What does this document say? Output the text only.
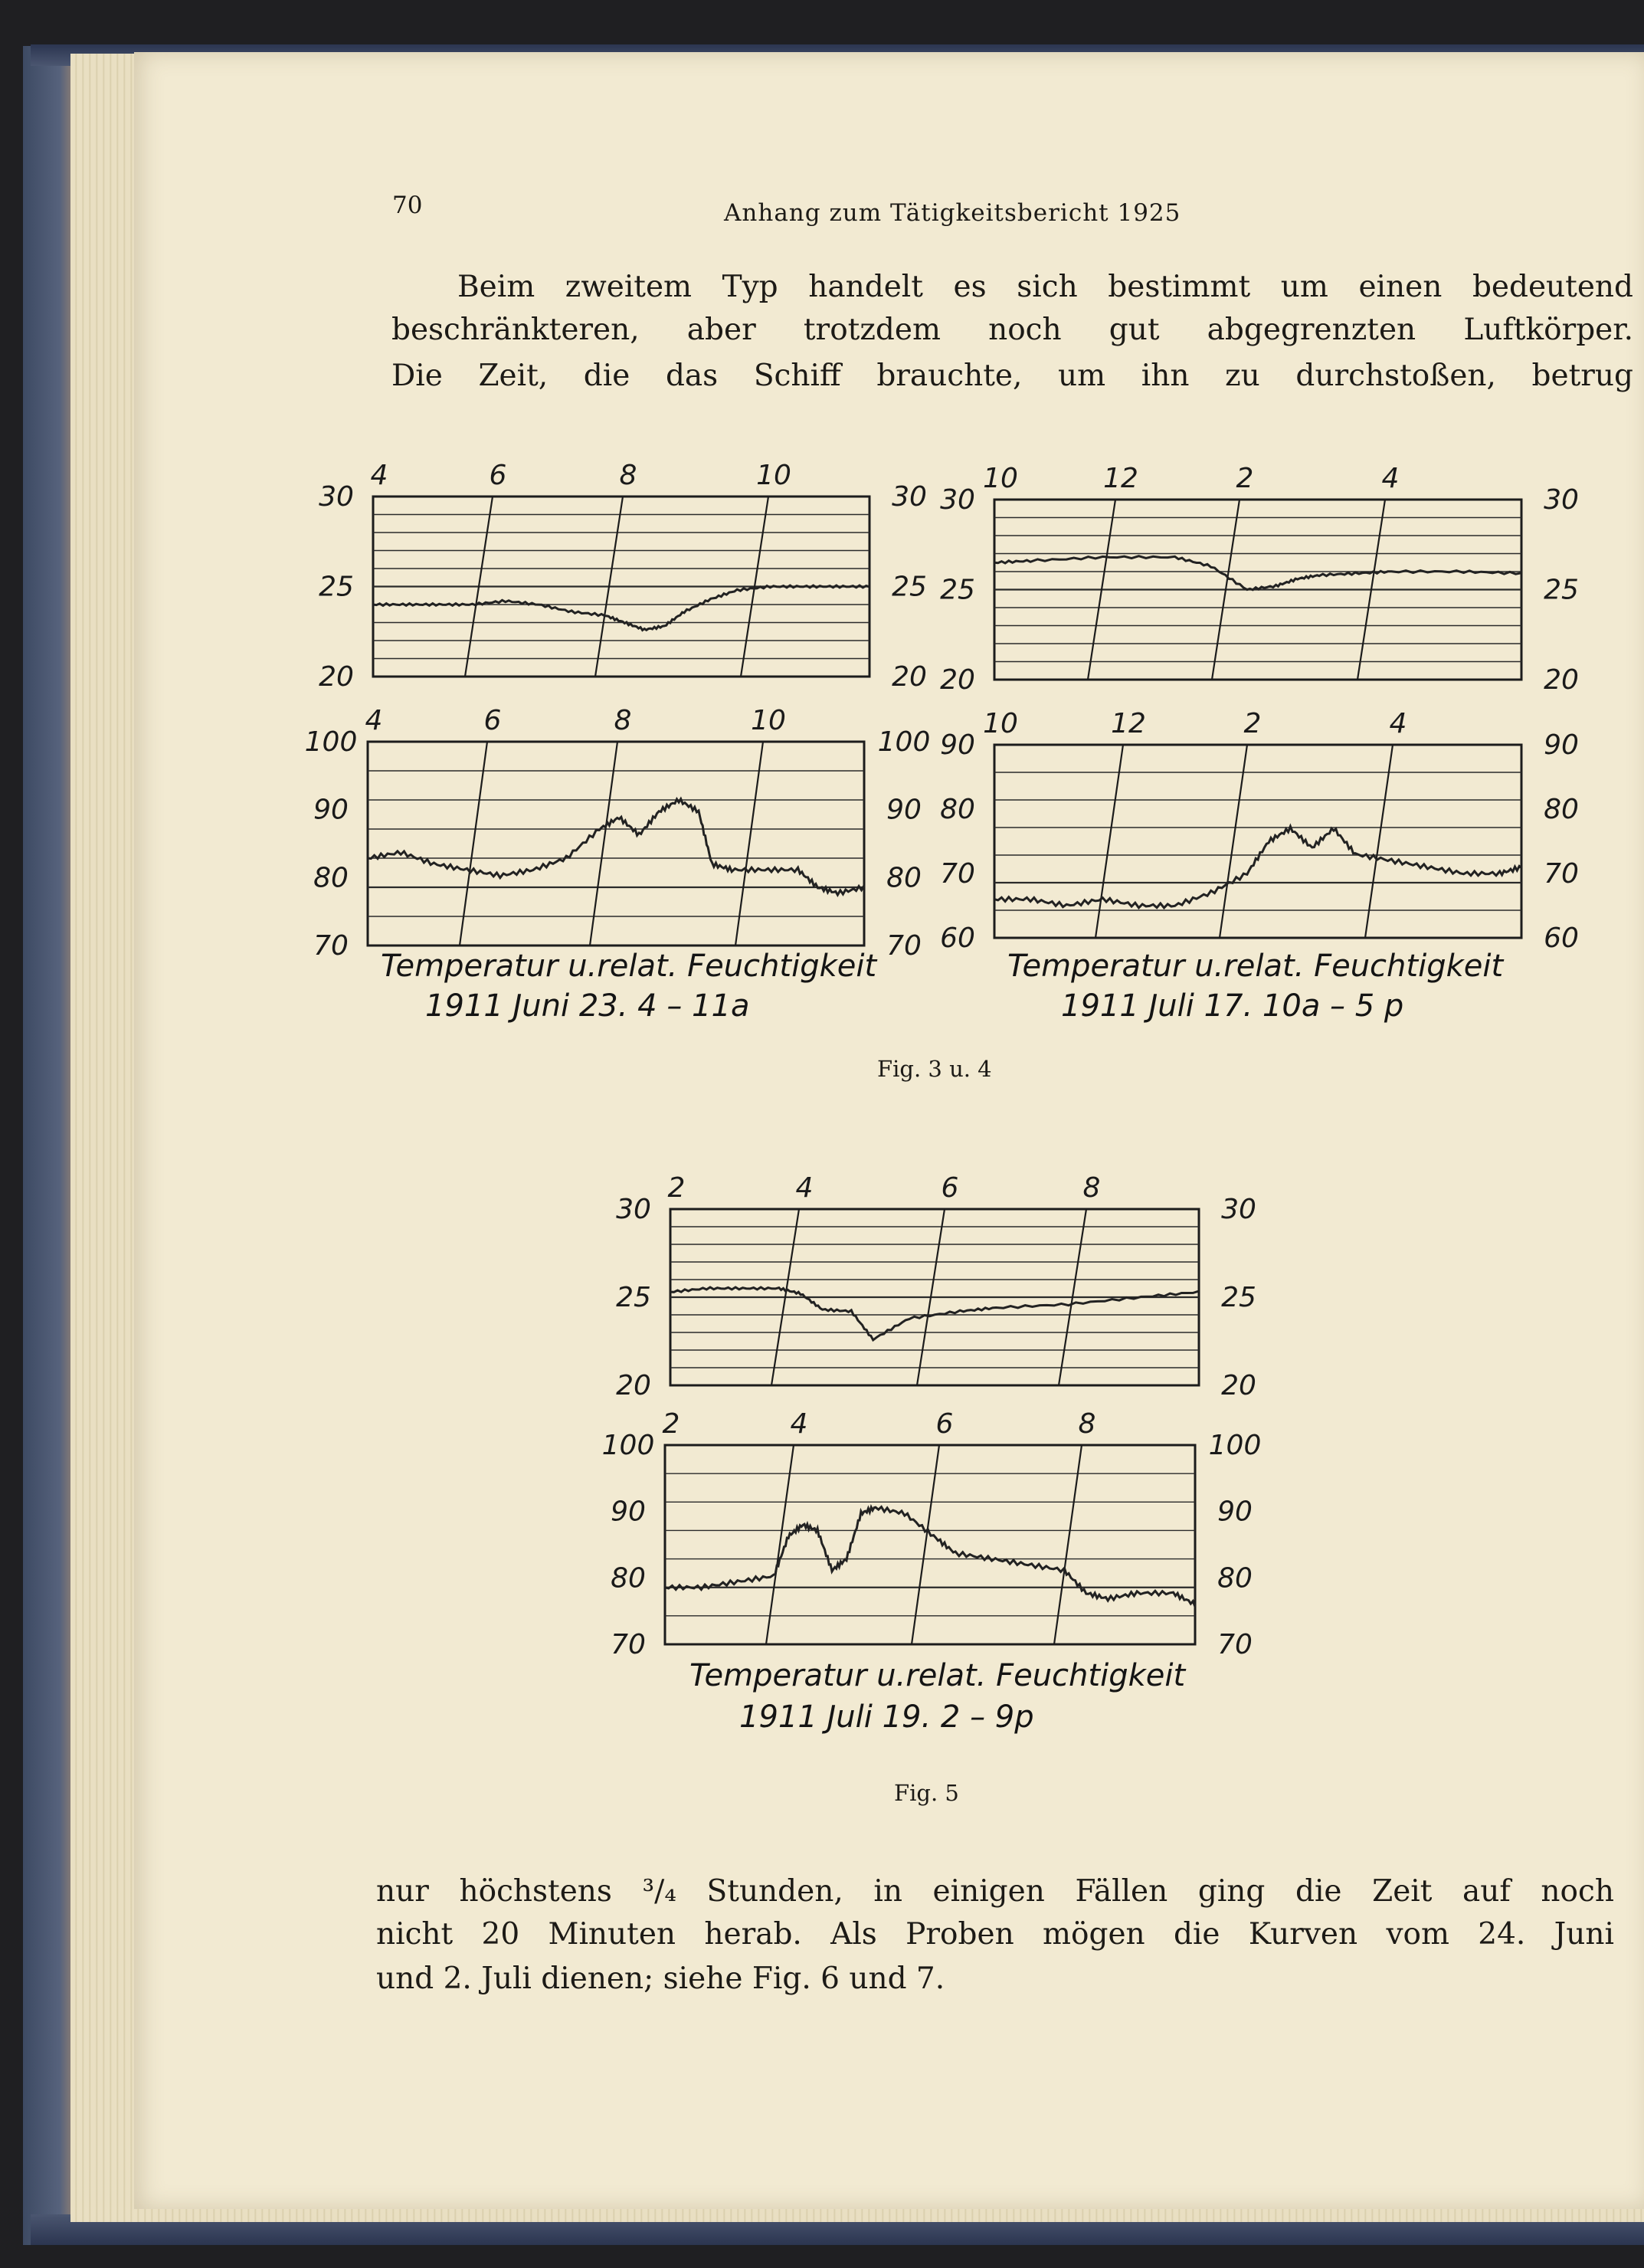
70	Anhang zum Tätigkeitsbericht 1925
Beim zweitem Typ handelt es sich bestimmt um einen bedeutend
beschränkteren, aber trotzdem noch gut abgegrenzten Luftkörper.
Die Zeit, die das Schiff brauchte, um ihn zu durchstoßen, betrug
nur höchstens ³/₄ Stunden, in einigen Fällen ging die Zeit auf noch
nicht 20 Minuten herab. Als Proben mögen die Kurven vom 24. Juni
und 2. Juli dienen; siehe Fig. 6 und 7.
Temperatur u.relat. Feuchtigkeit
1911 Juni 23. 4 – 11a
Temperatur u.relat. Feuchtigkeit
1911 Juli 17. 10a – 5 p
Fig. 3 u. 4
Temperatur u.relat. Feuchtigkeit
1911 Juli 19. 2 – 9p
Fig. 5
4	6	8	10
30	30
25	25
20	20
4	6	8	10
100	100
90	90
80	80
70	70
10	12	2	4
30	30
25	25
20	20
10	12	2	4
90	90
80	80
70	70
60	60
2	4	6	8
30	30
25	25
20	20
2	4	6	8
100	100
90	90
80	80
70	70
